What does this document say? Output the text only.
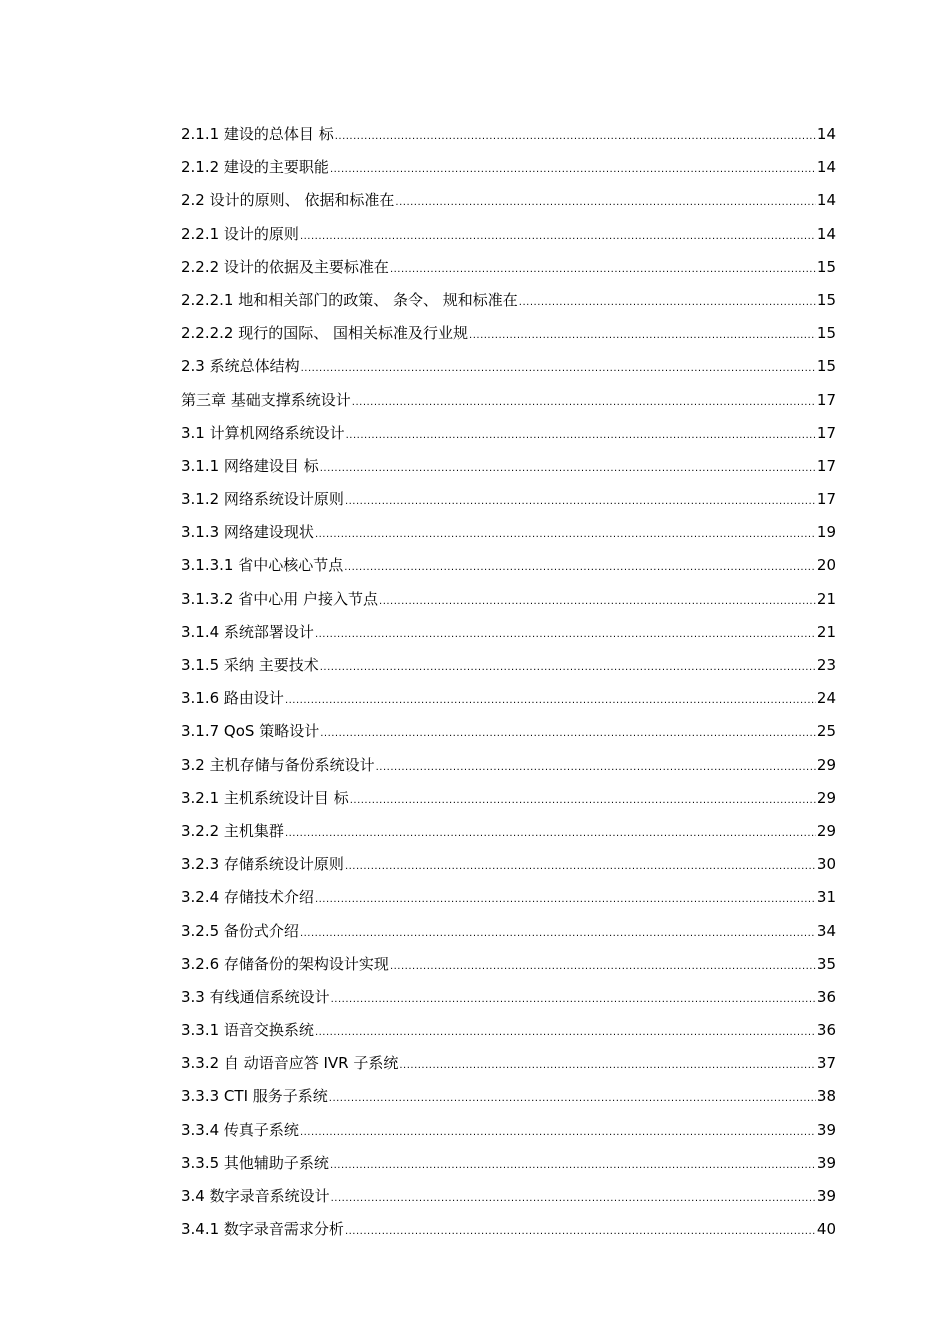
2.1.1 建设的总体目 标 .....	14
2.1.2 建设的主要职能 .....	14
2.2 设计的原则、 依据和标准在 .....	14
2.2.1 设计的原则 .....	14
2.2.2 设计的依据及主要标准在 .....	15
2.2.2.1 地和相关部门的政策、 条令、 规和标准在 .....	15
2.2.2.2 现行的国际、 国相关标准及行业规 .....	15
2.3 系统总体结构 .....	15
第三章 基础支撑系统设计 .....	17
3.1 计算机网络系统设计 .....	17
3.1.1 网络建设目 标 .....	17
3.1.2 网络系统设计原则 .....	17
3.1.3 网络建设现状 .....	19
3.1.3.1 省中心核心节点 .....	20
3.1.3.2 省中心用 户接入节点 .....	21
3.1.4 系统部署设计 .....	21
3.1.5 采纳 主要技术 .....	23
3.1.6 路由设计 .....	24
3.1.7 QoS 策略设计 .....	25
3.2 主机存储与备份系统设计 .....	29
3.2.1 主机系统设计目 标 .....	29
3.2.2 主机集群 .....	29
3.2.3 存储系统设计原则 .....	30
3.2.4 存储技术介绍 .....	31
3.2.5 备份式介绍 .....	34
3.2.6 存储备份的架构设计实现 .....	35
3.3 有线通信系统设计 .....	36
3.3.1 语音交换系统 .....	36
3.3.2 自 动语音应答 IVR 子系统 .....	37
3.3.3 CTI 服务子系统 .....	38
3.3.4 传真子系统 .....	39
3.3.5 其他辅助子系统 .....	39
3.4 数字录音系统设计 .....	39
3.4.1 数字录音需求分析 .....	40
